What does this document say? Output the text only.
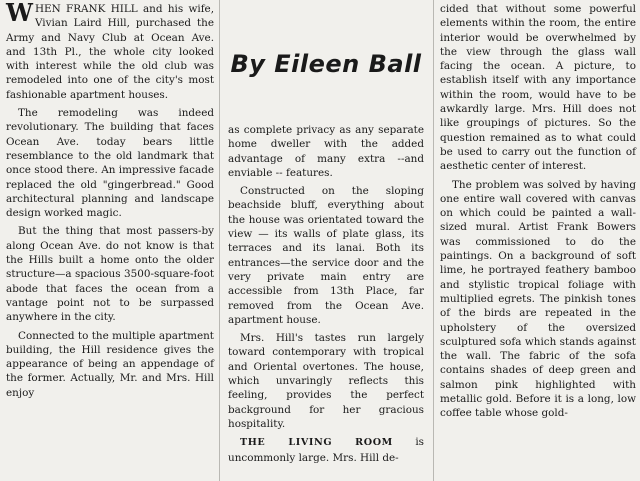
WHEN FRANK HILL and his wife, Vivian Laird Hill, purchased the Army and Navy Club at Ocean Ave. and 13th Pl., the whole city looked with interest while the old club was remodeled into one of the city's most fashionable apartment houses.

The remodeling was indeed revolutionary. The building that faces Ocean Ave. today bears little resemblance to the old landmark that once stood there. An impressive facade replaced the old "gingerbread." Good architectural planning and landscape design worked magic.

But the thing that most passers-by along Ocean Ave. do not know is that the Hills built a home onto the older structure—a spacious 3500-square-foot abode that faces the ocean from a vantage point not to be surpassed anywhere in the city.

Connected to the multiple apartment building, the Hill residence gives the appearance of being an appendage of the former. Actually, Mr. and Mrs. Hill enjoy

By Eileen Ball

as complete privacy as any separate home dweller with the added advantage of many extra --and enviable -- features.

Constructed on the sloping beachside bluff, everything about the house was orientated toward the view — its walls of plate glass, its terraces and its lanai. Both its entrances—the service door and the very private main entry are accessible from 13th Place, far removed from the Ocean Ave. apartment house.

Mrs. Hill's tastes run largely toward contemporary with tropical and Oriental overtones. The house, which unvaringly reflects this feeling, provides the perfect background for her gracious hospitality.

THE LIVING ROOM is uncommonly large. Mrs. Hill de-

cided that without some powerful elements within the room, the entire interior would be overwhelmed by the view through the glass wall facing the ocean. A picture, to establish itself with any importance within the room, would have to be awkardly large. Mrs. Hill does not like groupings of pictures. So the question remained as to what could be used to carry out the function of aesthetic center of interest.

The problem was solved by having one entire wall covered with canvas on which could be painted a wall-sized mural. Artist Frank Bowers was commissioned to do the paintings. On a background of soft lime, he portrayed feathery bamboo and stylistic tropical foliage with multiplied egrets. The pinkish tones of the birds are repeated in the upholstery of the oversized sculptured sofa which stands against the wall. The fabric of the sofa contains shades of deep green and salmon pink highlighted with metallic gold. Before it is a long, low coffee table whose gold-
